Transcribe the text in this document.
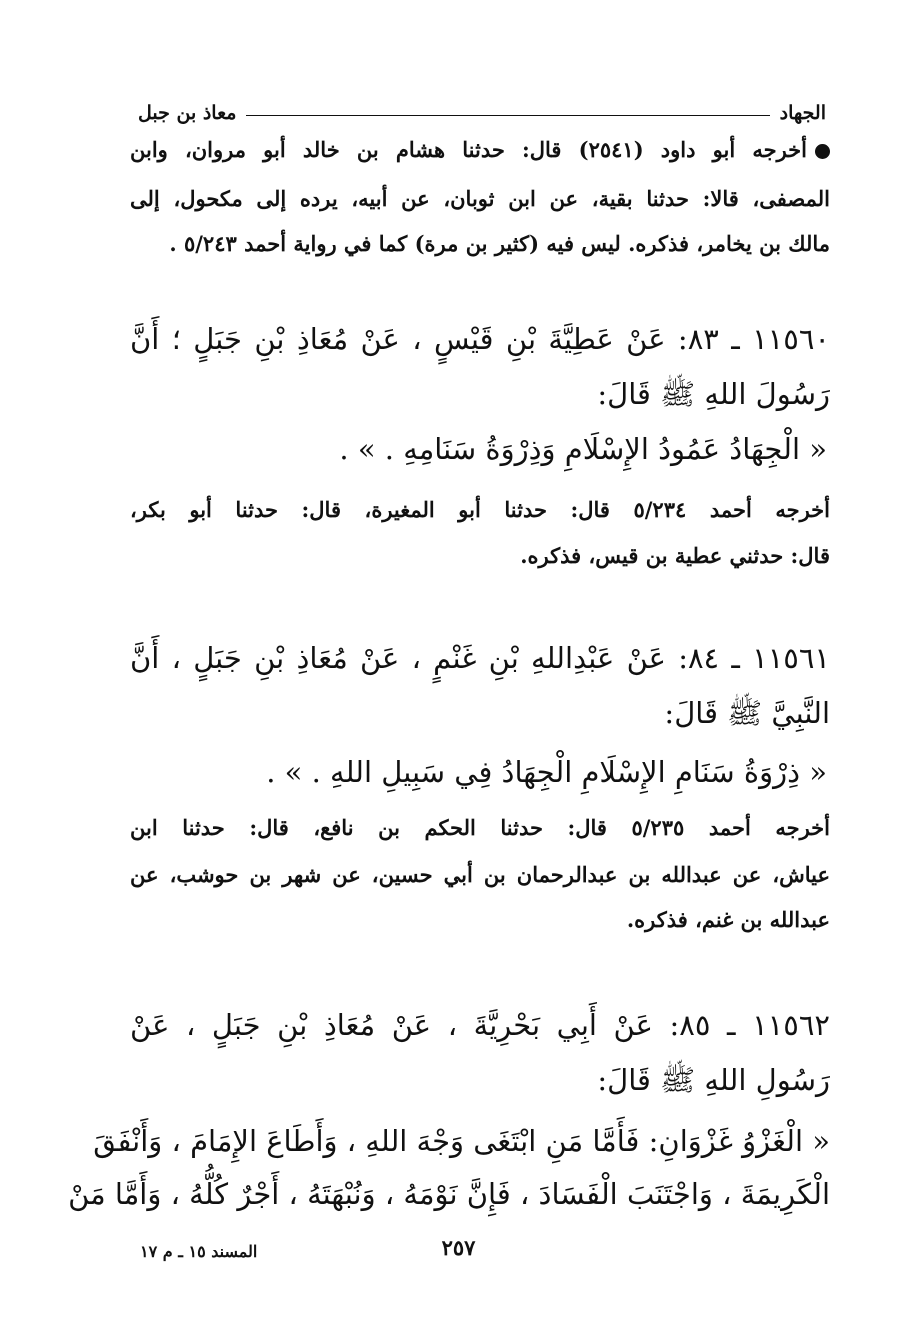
الجهاد
معاذ بن جبل
أخرجه أبو داود (٢٥٤١) قال: حدثنا هشام بن خالد أبو مروان، وابن
المصفى، قالا: حدثنا بقية، عن ابن ثوبان، عن أبيه، يرده إلى مكحول، إلى
مالك بن يخامر، فذكره. ليس فيه (كثير بن مرة) كما في رواية أحمد ٥/٢٤٣ .
١١٥٦٠ ـ ٨٣: عَنْ عَطِيَّةَ بْنِ قَيْسٍ ، عَنْ مُعَاذِ بْنِ جَبَلٍ ؛ أَنَّ
رَسُولَ اللهِ ﷺ قَالَ:
« الْجِهَادُ عَمُودُ الإِسْلَامِ وَذِرْوَةُ سَنَامِهِ . » .
أخرجه أحمد ٥/٢٣٤ قال: حدثنا أبو المغيرة، قال: حدثنا أبو بكر،
قال: حدثني عطية بن قيس، فذكره.
١١٥٦١ ـ ٨٤: عَنْ عَبْدِاللهِ بْنِ غَنْمٍ ، عَنْ مُعَاذِ بْنِ جَبَلٍ ، أَنَّ
النَّبِيَّ ﷺ قَالَ:
« ذِرْوَةُ سَنَامِ الإِسْلَامِ الْجِهَادُ فِي سَبِيلِ اللهِ . » .
أخرجه أحمد ٥/٢٣٥ قال: حدثنا الحكم بن نافع، قال: حدثنا ابن
عياش، عن عبدالله بن عبدالرحمان بن أبي حسين، عن شهر بن حوشب، عن
عبدالله بن غنم، فذكره.
١١٥٦٢ ـ ٨٥: عَنْ أَبِي بَحْرِيَّةَ ، عَنْ مُعَاذِ بْنِ جَبَلٍ ، عَنْ
رَسُولِ اللهِ ﷺ قَالَ:
« الْغَزْوُ غَزْوَانِ: فَأَمَّا مَنِ ابْتَغَى وَجْهَ اللهِ ، وَأَطَاعَ الإِمَامَ ، وَأَنْفَقَ
الْكَرِيمَةَ ، وَاجْتَنَبَ الْفَسَادَ ، فَإِنَّ نَوْمَهُ ، وَنُبْهَتَهُ ، أَجْرٌ كُلُّهُ ، وَأَمَّا مَنْ
٢٥٧
المسند ١٥ ـ م ١٧
